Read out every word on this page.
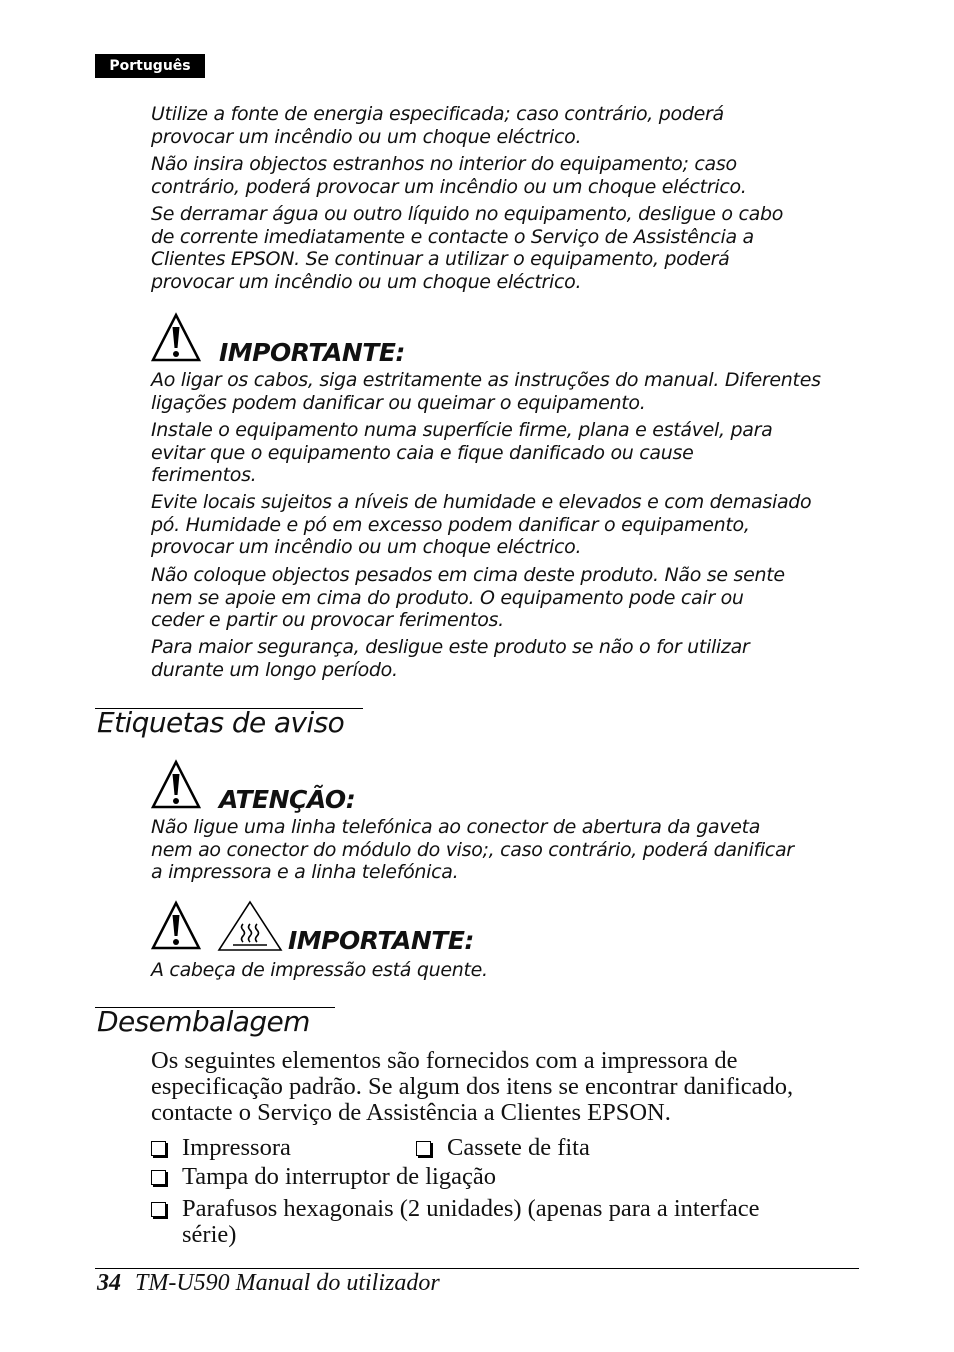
Português

Utilize a fonte de energia especificada; caso contrário, poderá
provocar um incêndio ou um choque eléctrico.

Não insira objectos estranhos no interior do equipamento; caso
contrário, poderá provocar um incêndio ou um choque eléctrico.

Se derramar água ou outro líquido no equipamento, desligue o cabo
de corrente imediatamente e contacte o Serviço de Assistência a
Clientes EPSON. Se continuar a utilizar o equipamento, poderá
provocar um incêndio ou um choque eléctrico.

IMPORTANTE:

Ao ligar os cabos, siga estritamente as instruções do manual. Diferentes
ligações podem danificar ou queimar o equipamento.

Instale o equipamento numa superfície firme, plana e estável, para
evitar que o equipamento caia e fique danificado ou cause
ferimentos.

Evite locais sujeitos a níveis de humidade e elevados e com demasiado
pó. Humidade e pó em excesso podem danificar o equipamento,
provocar um incêndio ou um choque eléctrico.

Não coloque objectos pesados em cima deste produto. Não se sente
nem se apoie em cima do produto. O equipamento pode cair ou
ceder e partir ou provocar ferimentos.

Para maior segurança, desligue este produto se não o for utilizar
durante um longo período.

Etiquetas de aviso
ATENÇÃO:

Não ligue uma linha telefónica ao conector de abertura da gaveta
nem ao conector do módulo do viso;, caso contrário, poderá danificar
a impressora e a linha telefónica.

IMPORTANTE:

A cabeça de impressão está quente.

Desembalagem

Os seguintes elementos são fornecidos com a impressora de
especificação padrão. Se algum dos itens se encontrar danificado,
contacte o Serviço de Assistência a Clientes EPSON.

Impressora	Cassete de fita
Tampa do interruptor de ligação
Parafusos hexagonais (2 unidades) (apenas para a interface
série)
34 TM-U590 Manual do utilizador
